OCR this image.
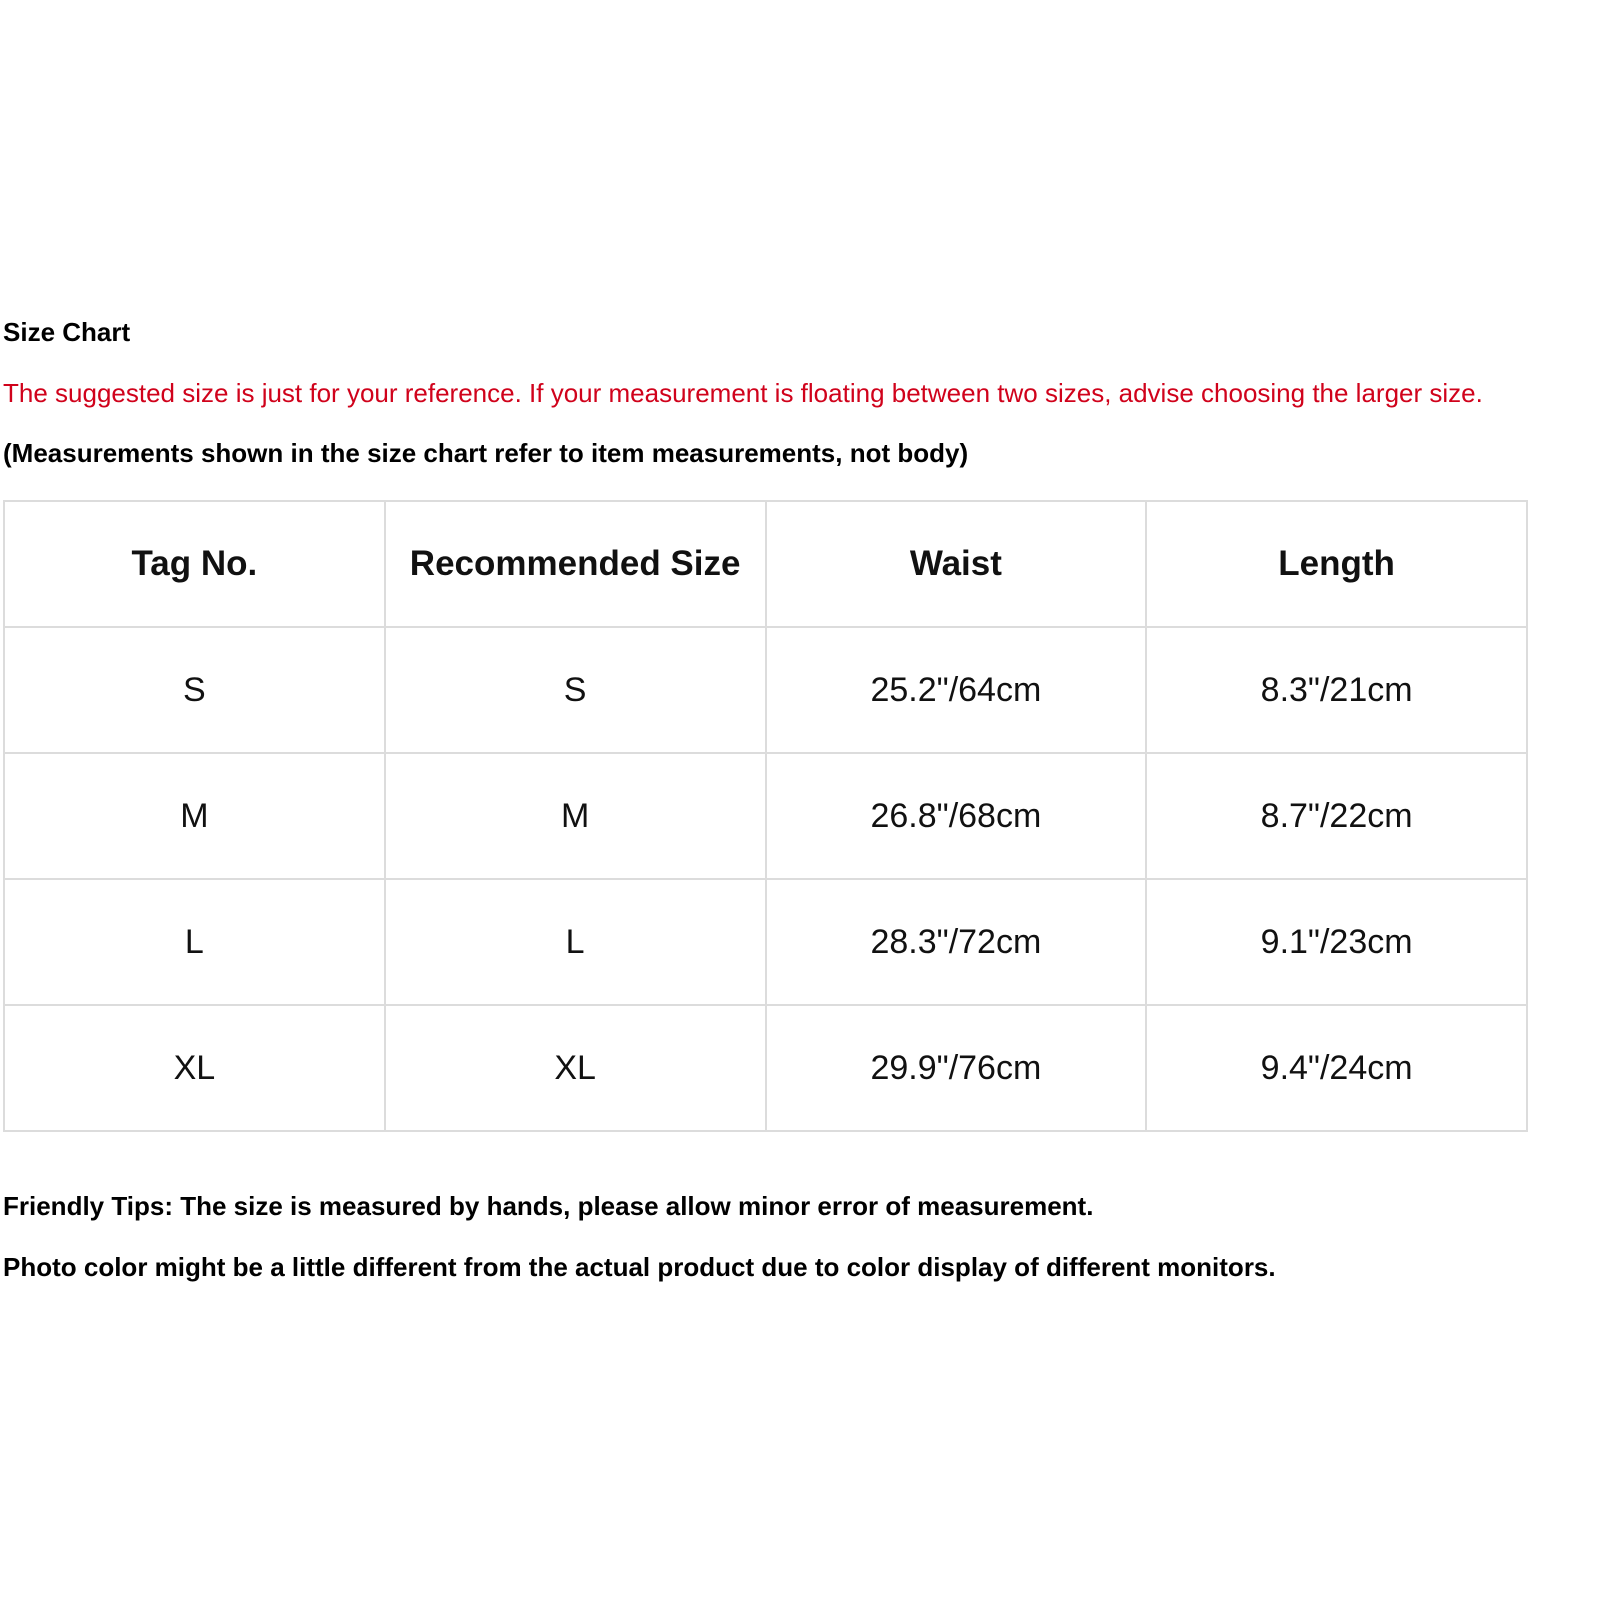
Size Chart
The suggested size is just for your reference. If your measurement is floating between two sizes, advise choosing the larger size.
(Measurements shown in the size chart refer to item measurements, not body)
Tag No.	Recommended Size	Waist	Length
S	S	25.2"/64cm	8.3"/21cm
M	M	26.8"/68cm	8.7"/22cm
L	L	28.3"/72cm	9.1"/23cm
XL	XL	29.9"/76cm	9.4"/24cm
Friendly Tips: The size is measured by hands, please allow minor error of measurement.
Photo color might be a little different from the actual product due to color display of different monitors.
